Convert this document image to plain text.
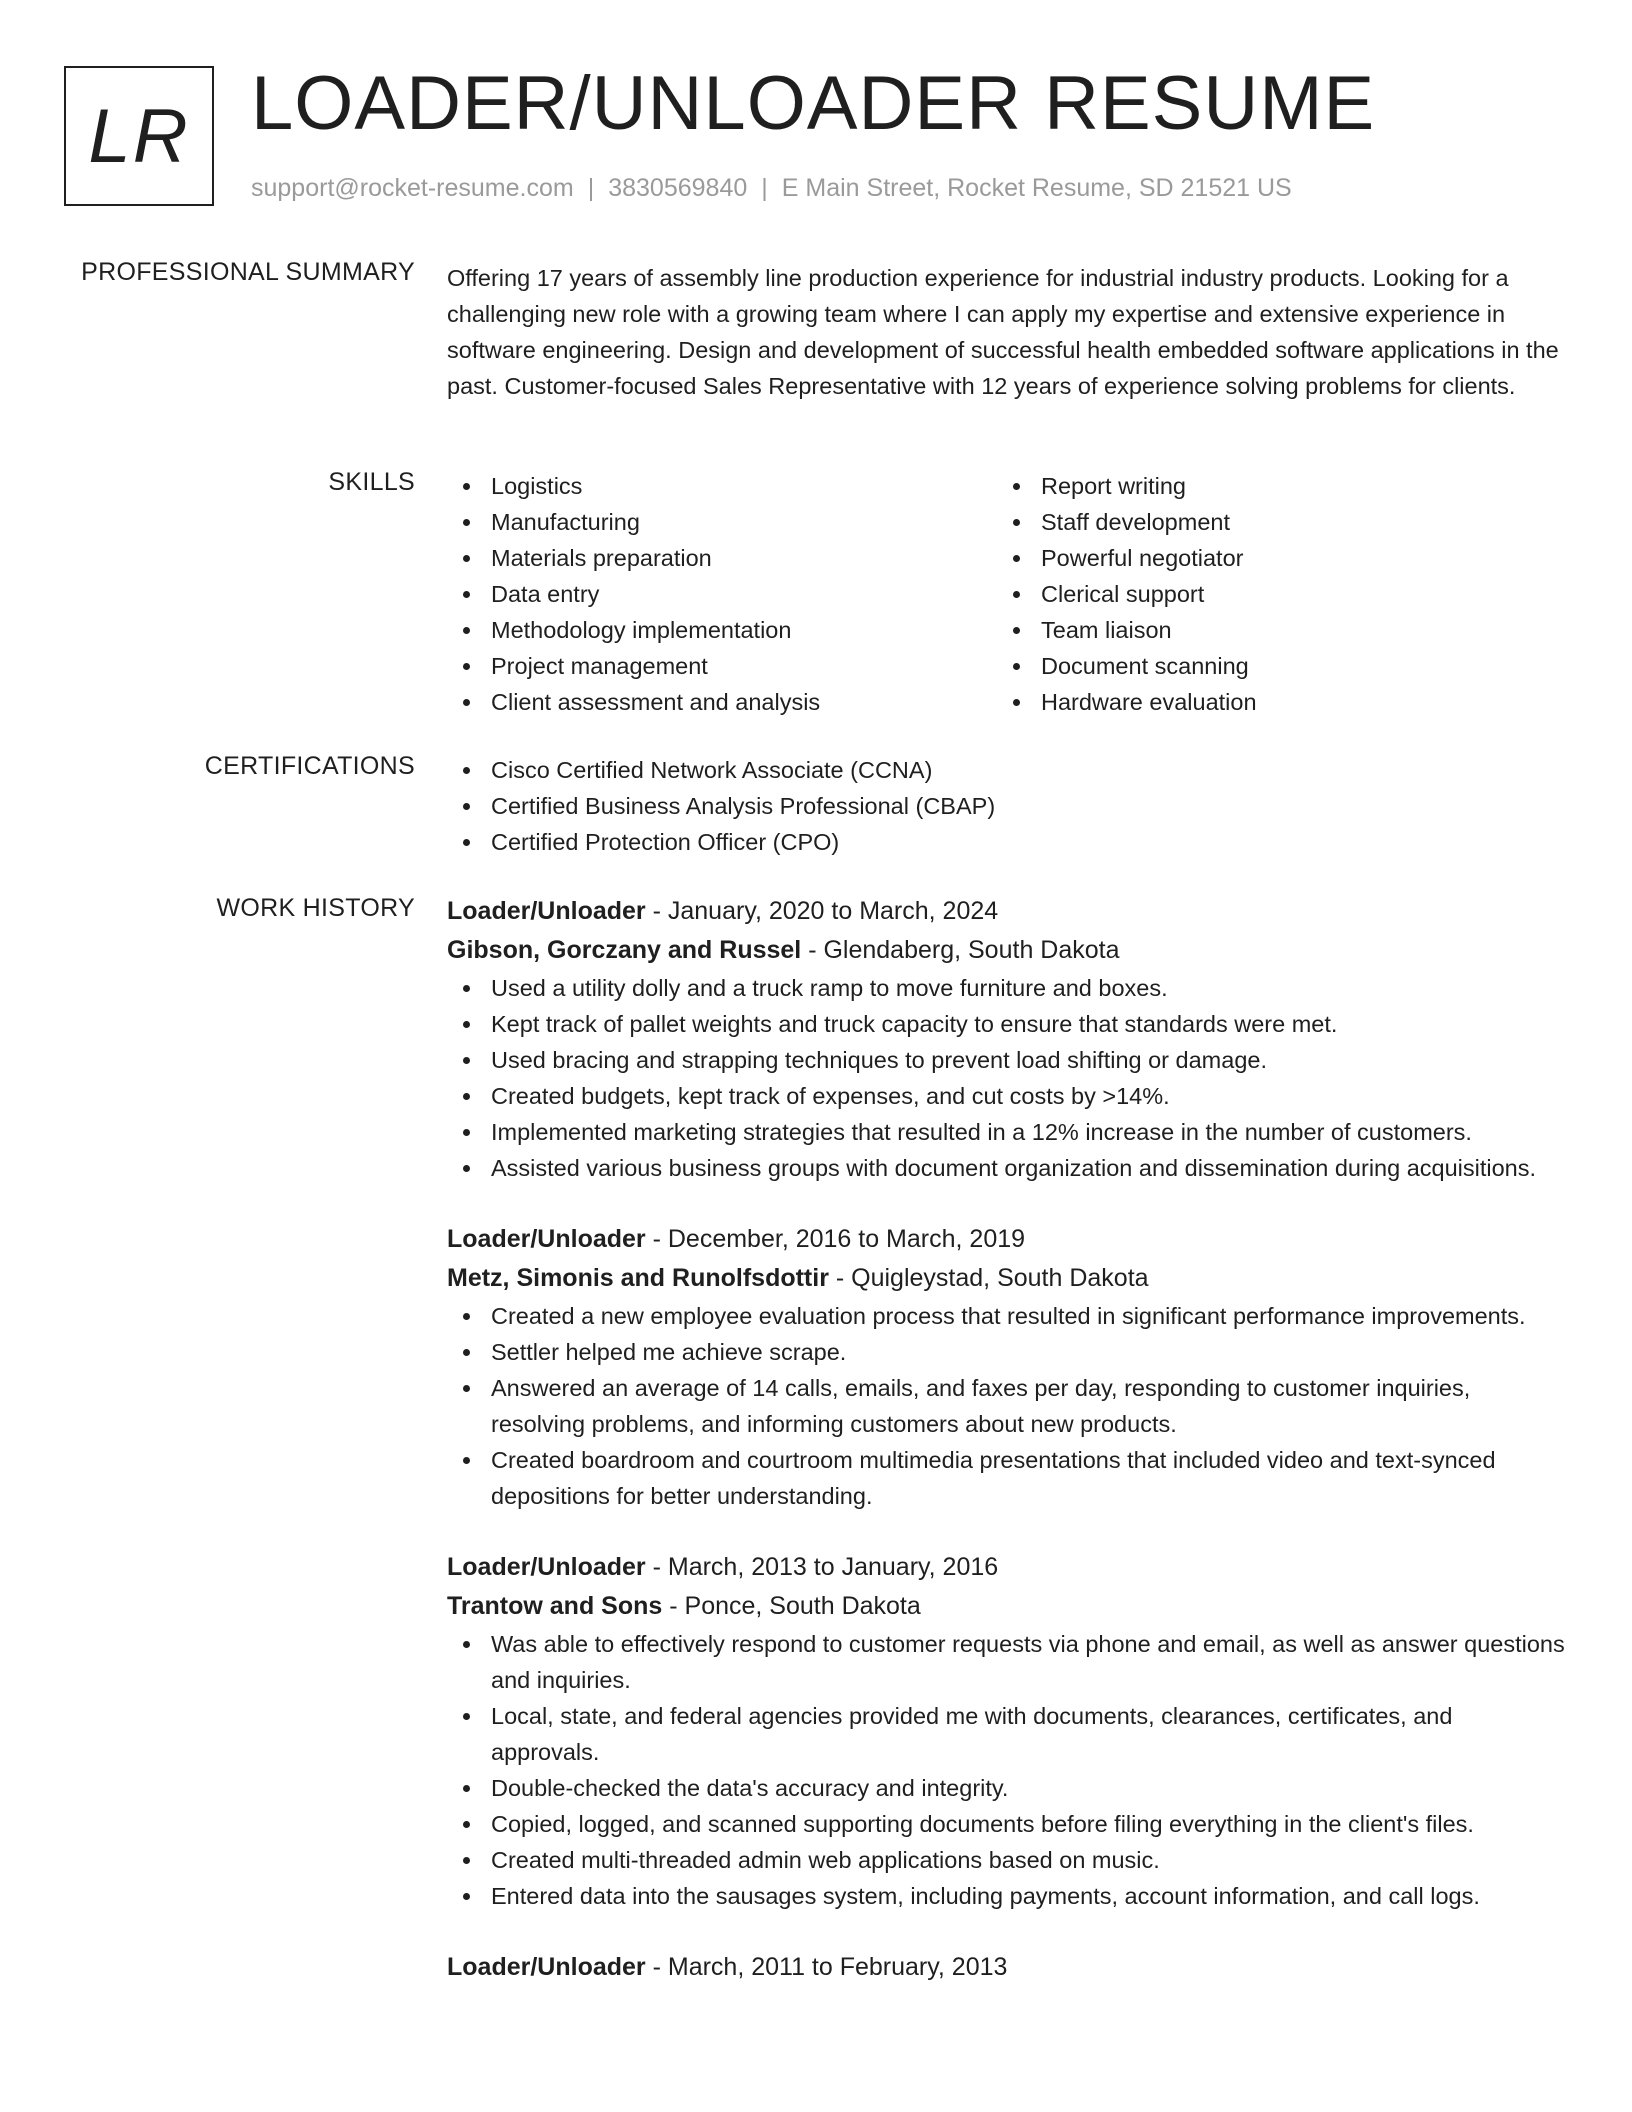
LR LOADER/UNLOADER RESUME
support@rocket-resume.com | 3830569840 | E Main Street, Rocket Resume, SD 21521 US
PROFESSIONAL SUMMARY Offering 17 years of assembly line production experience for industrial industry products. Looking for a challenging new role with a growing team where I can apply my expertise and extensive experience in software engineering. Design and development of successful health embedded software applications in the past. Customer-focused Sales Representative with 12 years of experience solving problems for clients.

SKILLS	Logistics
Manufacturing
Materials preparation
Data entry
Methodology implementation
Project management
Client assessment and analysis
Report writing
Staff development
Powerful negotiator
Clerical support
Team liaison
Document scanning
Hardware evaluation
CERTIFICATIONS	Cisco Certified Network Associate (CCNA)
Certified Business Analysis Professional (CBAP)
Certified Protection Officer (CPO)
WORK HISTORY Loader/Unloader - January, 2020 to March, 2024
Gibson, Gorczany and Russel - Glendaberg, South Dakota
Used a utility dolly and a truck ramp to move furniture and boxes.
Kept track of pallet weights and truck capacity to ensure that standards were met.
Used bracing and strapping techniques to prevent load shifting or damage.
Created budgets, kept track of expenses, and cut costs by >14%.
Implemented marketing strategies that resulted in a 12% increase in the number of customers.
Assisted various business groups with document organization and dissemination during acquisitions.
Loader/Unloader - December, 2016 to March, 2019
Metz, Simonis and Runolfsdottir - Quigleystad, South Dakota
Created a new employee evaluation process that resulted in significant performance improvements.
Settler helped me achieve scrape.
Answered an average of 14 calls, emails, and faxes per day, responding to customer inquiries, resolving problems, and informing customers about new products.
Created boardroom and courtroom multimedia presentations that included video and text-synced depositions for better understanding.
Loader/Unloader - March, 2013 to January, 2016
Trantow and Sons - Ponce, South Dakota
Was able to effectively respond to customer requests via phone and email, as well as answer questions and inquiries.
Local, state, and federal agencies provided me with documents, clearances, certificates, and approvals.
Double-checked the data's accuracy and integrity.
Copied, logged, and scanned supporting documents before filing everything in the client's files.
Created multi-threaded admin web applications based on music.
Entered data into the sausages system, including payments, account information, and call logs.
Loader/Unloader - March, 2011 to February, 2013
